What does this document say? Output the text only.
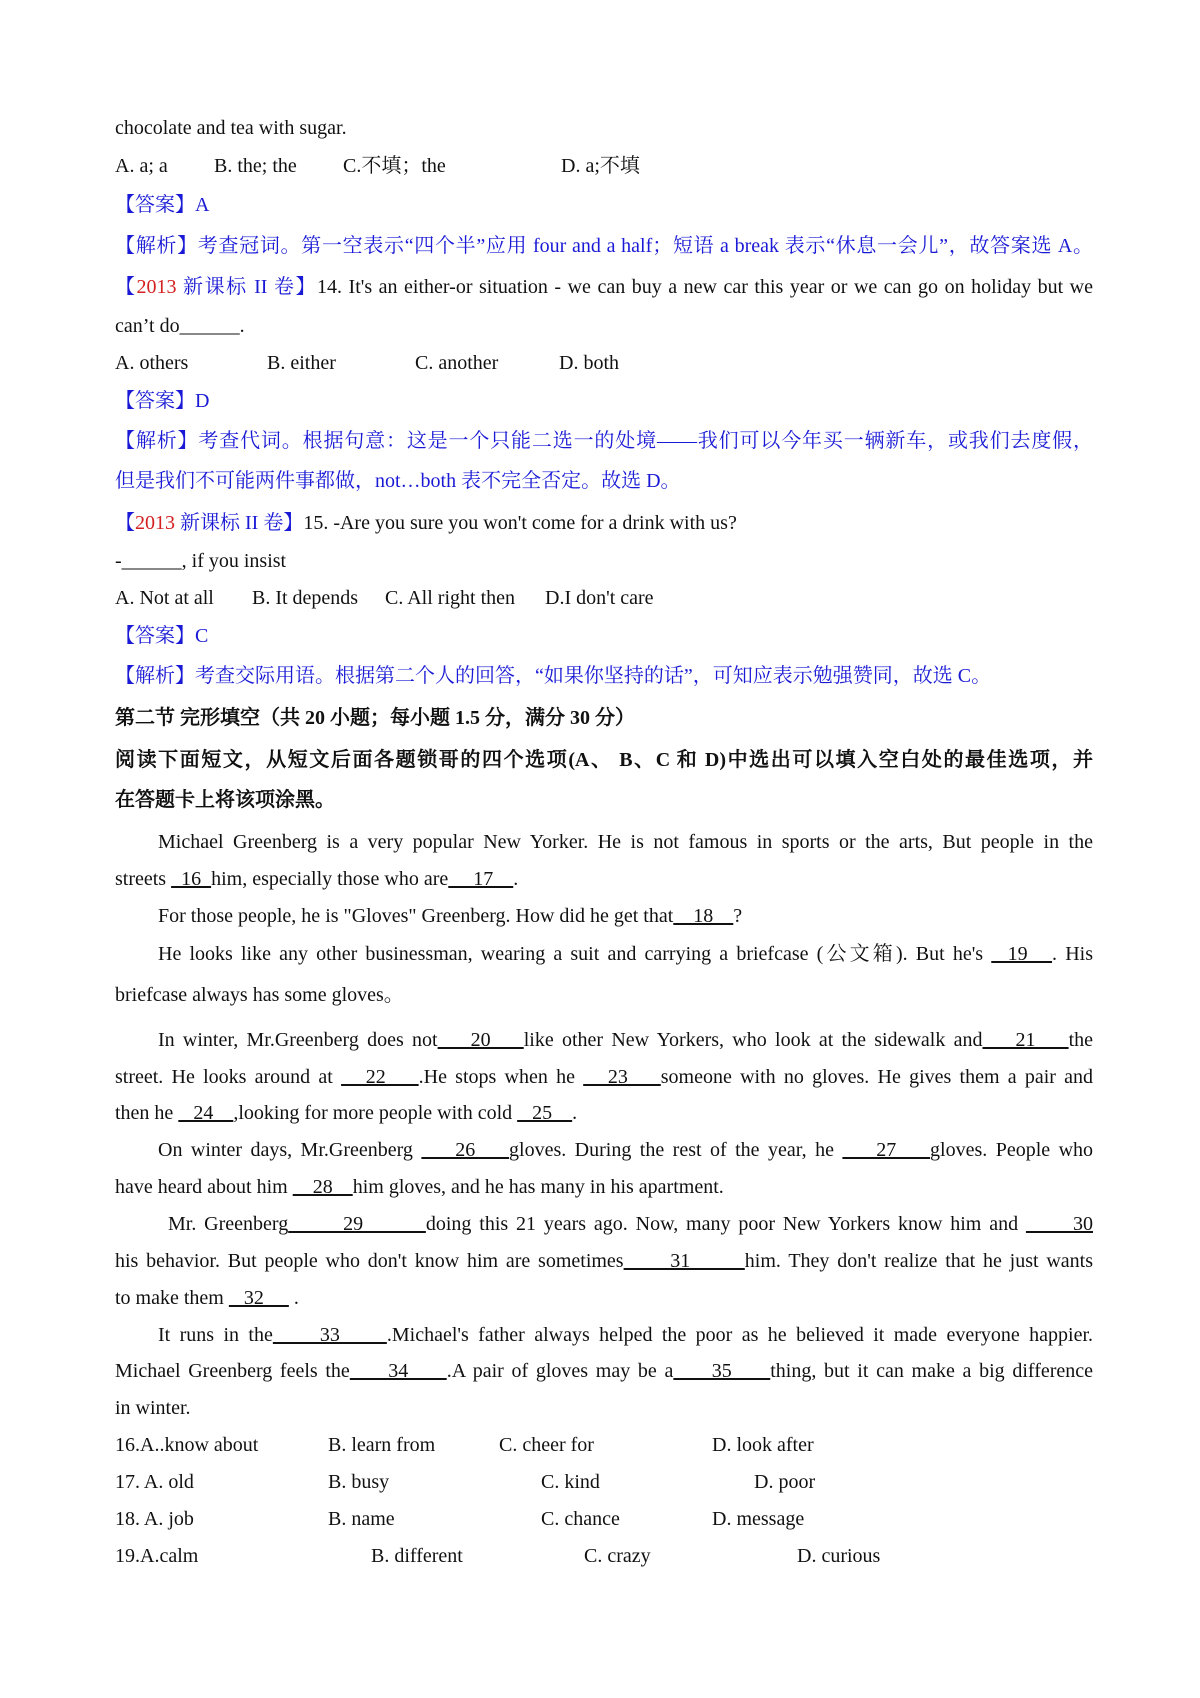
chocolate and tea with sugar.
A. a; a B. the; the C.不填；the	D. a;不填
【答案】A
【解析】考查冠词。第一空表示“四个半”应用 four and a half；短语 a break 表示“休息一会儿”，故答案选 A。
【2013 新课标 II 卷】14. It's an either-or situation - we can buy a new car this year or we can go on holiday but we
can’t do______.
A. others	B. either	C. another	D. both
【答案】D
【解析】考查代词。根据句意：这是一个只能二选一的处境——我们可以今年买一辆新车，或我们去度假，
但是我们不可能两件事都做，not…both 表不完全否定。故选 D。
【2013 新课标 II 卷】15. -Are you sure you won't come for a drink with us?
-______, if you insist
A. Not at all B. It depends C. All right then D.I don't care
【答案】C
【解析】考查交际用语。根据第二个人的回答，“如果你坚持的话”，可知应表示勉强赞同，故选 C。
第二节 完形填空（共 20 小题；每小题 1.5 分，满分 30 分）
阅读下面短文，从短文后面各题锁哥的四个选项(A、 B、C 和 D)中选出可以填入空白处的最佳选项，并
在答题卡上将该项涂黑。
Michael Greenberg is a very popular New Yorker. He is not famous in sports or the arts, But people in the
streets   16  him, especially those who are     17    .
For those people, he is "Gloves" Greenberg. How did he get that    18    ?
He looks like any other businessman, wearing a suit and carrying a briefcase (公文箱). But he's   19   . His
briefcase always has some gloves。
In winter, Mr.Greenberg does not    20    like other New Yorkers, who look at the sidewalk and    21    the
street. He looks around at    22    .He stops when he    23    someone with no gloves. He gives them a pair and
then he    24    ,looking for more people with cold    25    .
On winter days, Mr.Greenberg     26    gloves. During the rest of the year, he     27    gloves. People who
have heard about him     28    him gloves, and he has many in his apartment.
Mr. Greenberg       29        doing this 21 years ago. Now, many poor New Yorkers know him and       30
his behavior. But people who don't know him are sometimes      31       him. They don't realize that he just wants
to make them    32      .
It runs in the     33     .Michael's father always helped the poor as he believed it made everyone happier.
Michael Greenberg feels the     34     .A pair of gloves may be a     35     thing, but it can make a big difference
in winter.
16.A..know about	B. learn from	C. cheer for	D. look after
17. A. old	B. busy	C. kind	D. poor
18. A. job	B. name	C. chance	D. message
19.A.calm	B. different	C. crazy	D. curious
